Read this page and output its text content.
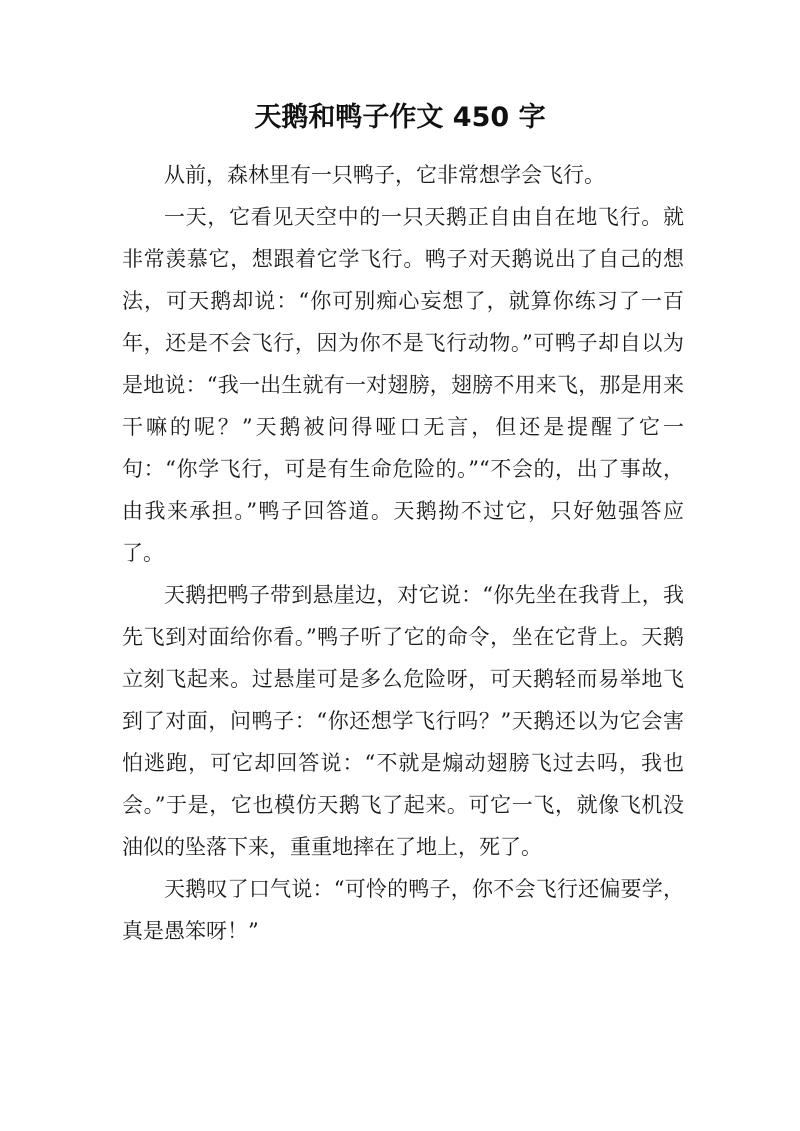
天鹅和鸭子作文 450 字

从前，森林里有一只鸭子，它非常想学会飞行。

一天，它看见天空中的一只天鹅正自由自在地飞行。就非常羡慕它，想跟着它学飞行。鸭子对天鹅说出了自己的想法，可天鹅却说：“你可别痴心妄想了，就算你练习了一百年，还是不会飞行，因为你不是飞行动物。”可鸭子却自以为是地说：“我一出生就有一对翅膀，翅膀不用来飞，那是用来干嘛的呢？”天鹅被问得哑口无言，但还是提醒了它一句：“你学飞行，可是有生命危险的。”“不会的，出了事故，由我来承担。”鸭子回答道。天鹅拗不过它，只好勉强答应了。

天鹅把鸭子带到悬崖边，对它说：“你先坐在我背上，我先飞到对面给你看。”鸭子听了它的命令，坐在它背上。天鹅立刻飞起来。过悬崖可是多么危险呀，可天鹅轻而易举地飞到了对面，问鸭子：“你还想学飞行吗？”天鹅还以为它会害怕逃跑，可它却回答说：“不就是煽动翅膀飞过去吗，我也会。”于是，它也模仿天鹅飞了起来。可它一飞，就像飞机没油似的坠落下来，重重地摔在了地上，死了。

天鹅叹了口气说：“可怜的鸭子，你不会飞行还偏要学，真是愚笨呀！”
